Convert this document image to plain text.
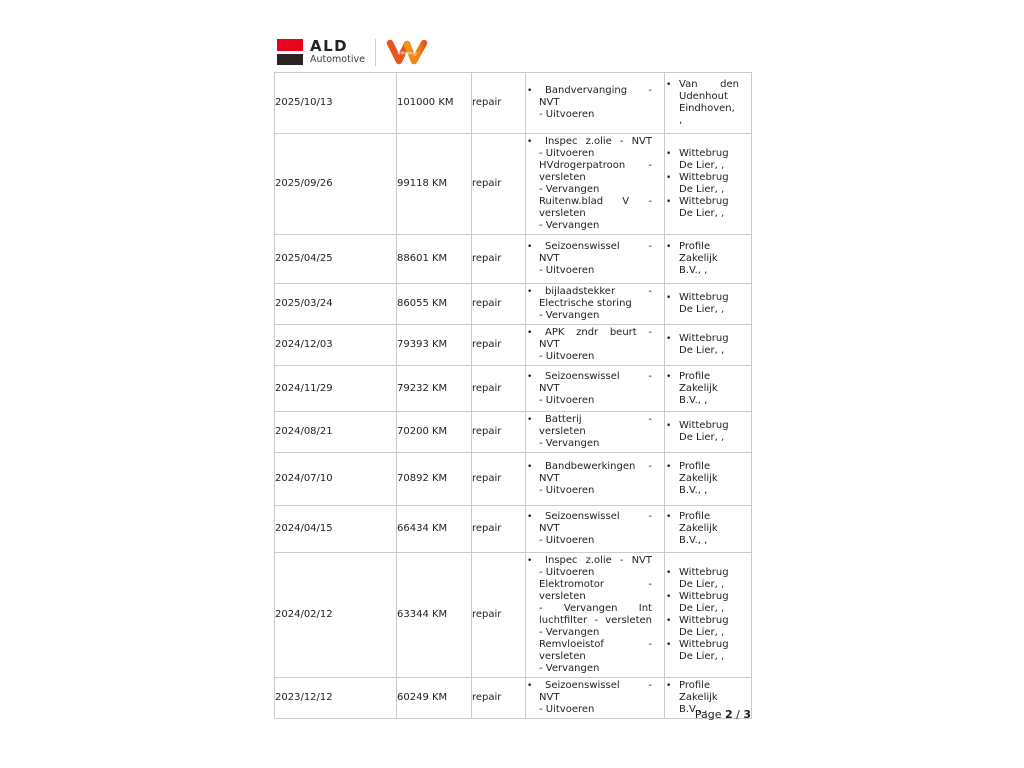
ALD
Automotive
wittebrug
2025/10/13	101000 KM	repair	
•	Bandvervanging -
NVT
- Uitvoeren

• Van den Udenhout Eindhoven, ,

2025/09/26	99118 KM	repair	
•	Inspec z.olie - NVT
- Uitvoeren
HVdrogerpatroon -
versleten
- Vervangen
Ruitenw.blad V -
versleten
- Vervangen

• Wittebrug De Lier, ,
• Wittebrug De Lier, ,
• Wittebrug De Lier, ,

2025/04/25	88601 KM	repair	
•	Seizoenswissel -
NVT
- Uitvoeren

• Profile Zakelijk B.V., ,

2025/03/24	86055 KM	repair	
•	bijlaadstekker -
Electrische storing
- Vervangen

• Wittebrug De Lier, ,

2024/12/03	79393 KM	repair	
•	APK zndr beurt -
NVT
- Uitvoeren

• Wittebrug De Lier, ,

2024/11/29	79232 KM	repair	
•	Seizoenswissel -
NVT
- Uitvoeren

• Profile Zakelijk B.V., ,

2024/08/21	70200 KM	repair	
•	Batterij -
versleten
- Vervangen

• Wittebrug De Lier, ,

2024/07/10	70892 KM	repair	
•	Bandbewerkingen -
NVT
- Uitvoeren

• Profile Zakelijk B.V., ,

2024/04/15	66434 KM	repair	
•	Seizoenswissel -
NVT
- Uitvoeren

• Profile Zakelijk B.V., ,

2024/02/12	63344 KM	repair	
•	Inspec z.olie - NVT
- Uitvoeren
Elektromotor -
versleten
- Vervangen Int
luchtfilter - versleten
- Vervangen
Remvloeistof -
versleten
- Vervangen

• Wittebrug De Lier, ,
• Wittebrug De Lier, ,
• Wittebrug De Lier, ,
• Wittebrug De Lier, ,

2023/12/12	60249 KM	repair	
•	Seizoenswissel -
NVT
- Uitvoeren

• Profile Zakelijk B.V., ,
Page 2 / 3
